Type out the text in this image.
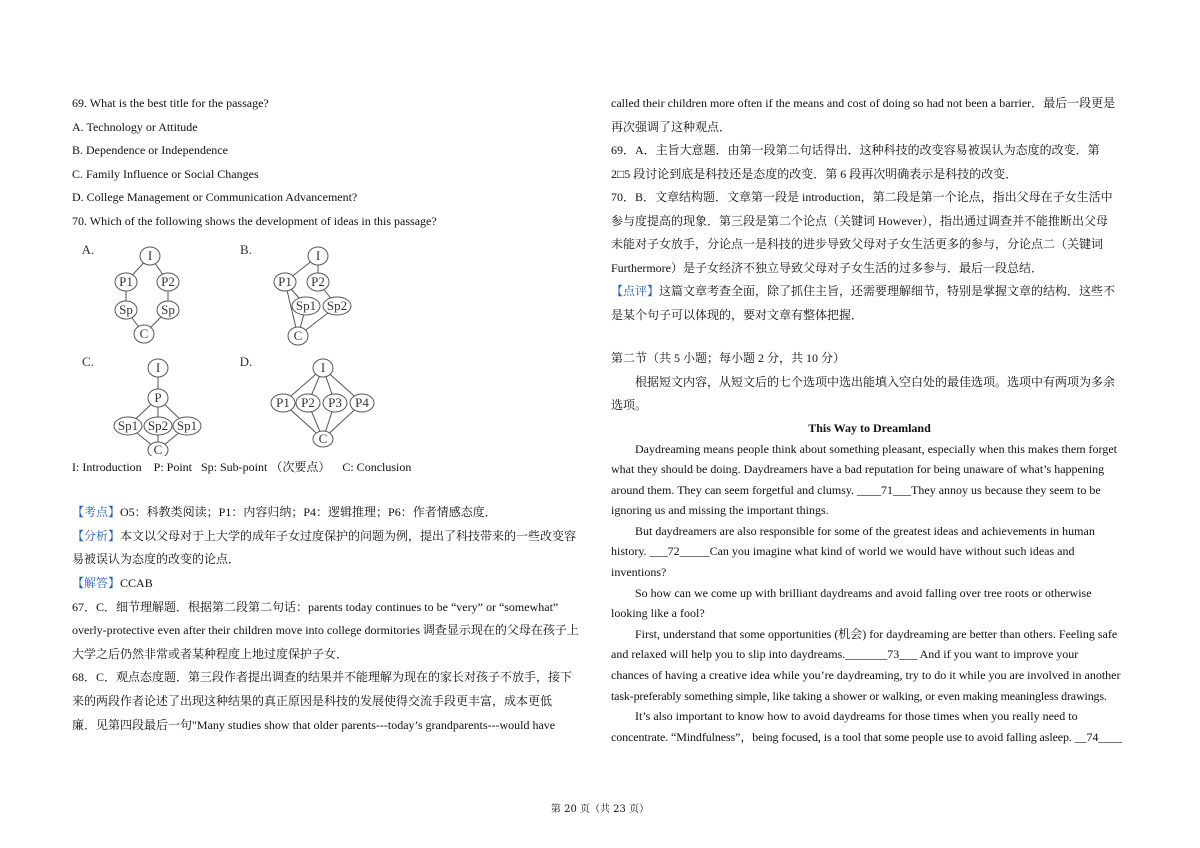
69. What is the best title for the passage?
A. Technology or Attitude
B. Dependence or Independence
C. Family Influence or Social Changes
D. College Management or Communication Advancement?
70. Which of the following shows the development of ideas in this passage?
A.	I
P1 P2
Sp Sp
C
B.	I
P1 P2
Sp1 Sp2
C
C.	I
P
Sp1 Sp2 Sp1
C
D.	I
P1 P2 P3 P4
C
I: Introduction    P: Point   Sp: Sub-point （次要点）    C: Conclusion
【考点】O5：科教类阅读；P1：内容归纳；P4：逻辑推理；P6：作者情感态度．
【分析】本文以父母对于上大学的成年子女过度保护的问题为例，提出了科技带来的一些改变容
易被误认为态度的改变的论点．
【解答】CCAB
67．C．细节理解题．根据第二段第二句话：parents today continues to be “very” or “somewhat”
overly-protective even after their children move into college dormitories 调查显示现在的父母在孩子上
大学之后仍然非常或者某种程度上地过度保护子女．
68．C．观点态度题．第三段作者提出调查的结果并不能理解为现在的家长对孩子不放手，接下
来的两段作者论述了出现这种结果的真正原因是科技的发展使得交流手段更丰富，成本更低
廉．见第四段最后一句"Many studies show that older parents---today’s grandparents---would have
called their children more often if the means and cost of doing so had not been a barrier．最后一段更是
再次强调了这种观点．
69．A．主旨大意题．由第一段第二句话得出．这种科技的改变容易被误认为态度的改变．第
2□5 段讨论到底是科技还是态度的改变．第 6 段再次明确表示是科技的改变．
70．B．文章结构题．文章第一段是 introduction，第二段是第一个论点，指出父母在子女生活中
参与度提高的现象．第三段是第二个论点（关键词 However），指出通过调查并不能推断出父母
未能对子女放手，分论点一是科技的进步导致父母对子女生活更多的参与，分论点二（关键词
Furthermore）是子女经济不独立导致父母对子女生活的过多参与．最后一段总结．
【点评】这篇文章考查全面，除了抓住主旨，还需要理解细节，特别是掌握文章的结构．这些不
是某个句子可以体现的，要对文章有整体把握．
第二节（共 5 小题；每小题 2 分，共 10 分）
根据短文内容，从短文后的七个选项中选出能填入空白处的最佳选项。选项中有两项为多余
选项。
This Way to Dreamland
Daydreaming means people think about something pleasant, especially when this makes them forget
what they should be doing. Daydreamers have a bad reputation for being unaware of what’s happening
around them. They can seem forgetful and clumsy. ____71___They annoy us because they seem to be
ignoring us and missing the important things.
But daydreamers are also responsible for some of the greatest ideas and achievements in human
history. ___72_____Can you imagine what kind of world we would have without such ideas and
inventions?
So how can we come up with brilliant daydreams and avoid falling over tree roots or otherwise
looking like a fool?
First, understand that some opportunities (机会) for daydreaming are better than others. Feeling safe
and relaxed will help you to slip into daydreams._______73___ And if you want to improve your
chances of having a creative idea while you’re daydreaming, try to do it while you are involved in another
task-preferably something simple, like taking a shower or walking, or even making meaningless drawings.
It’s also important to know how to avoid daydreams for those times when you really need to
concentrate. “Mindfulness”，being focused, is a tool that some people use to avoid falling asleep. __74____
第 20 页（共 23 页）
